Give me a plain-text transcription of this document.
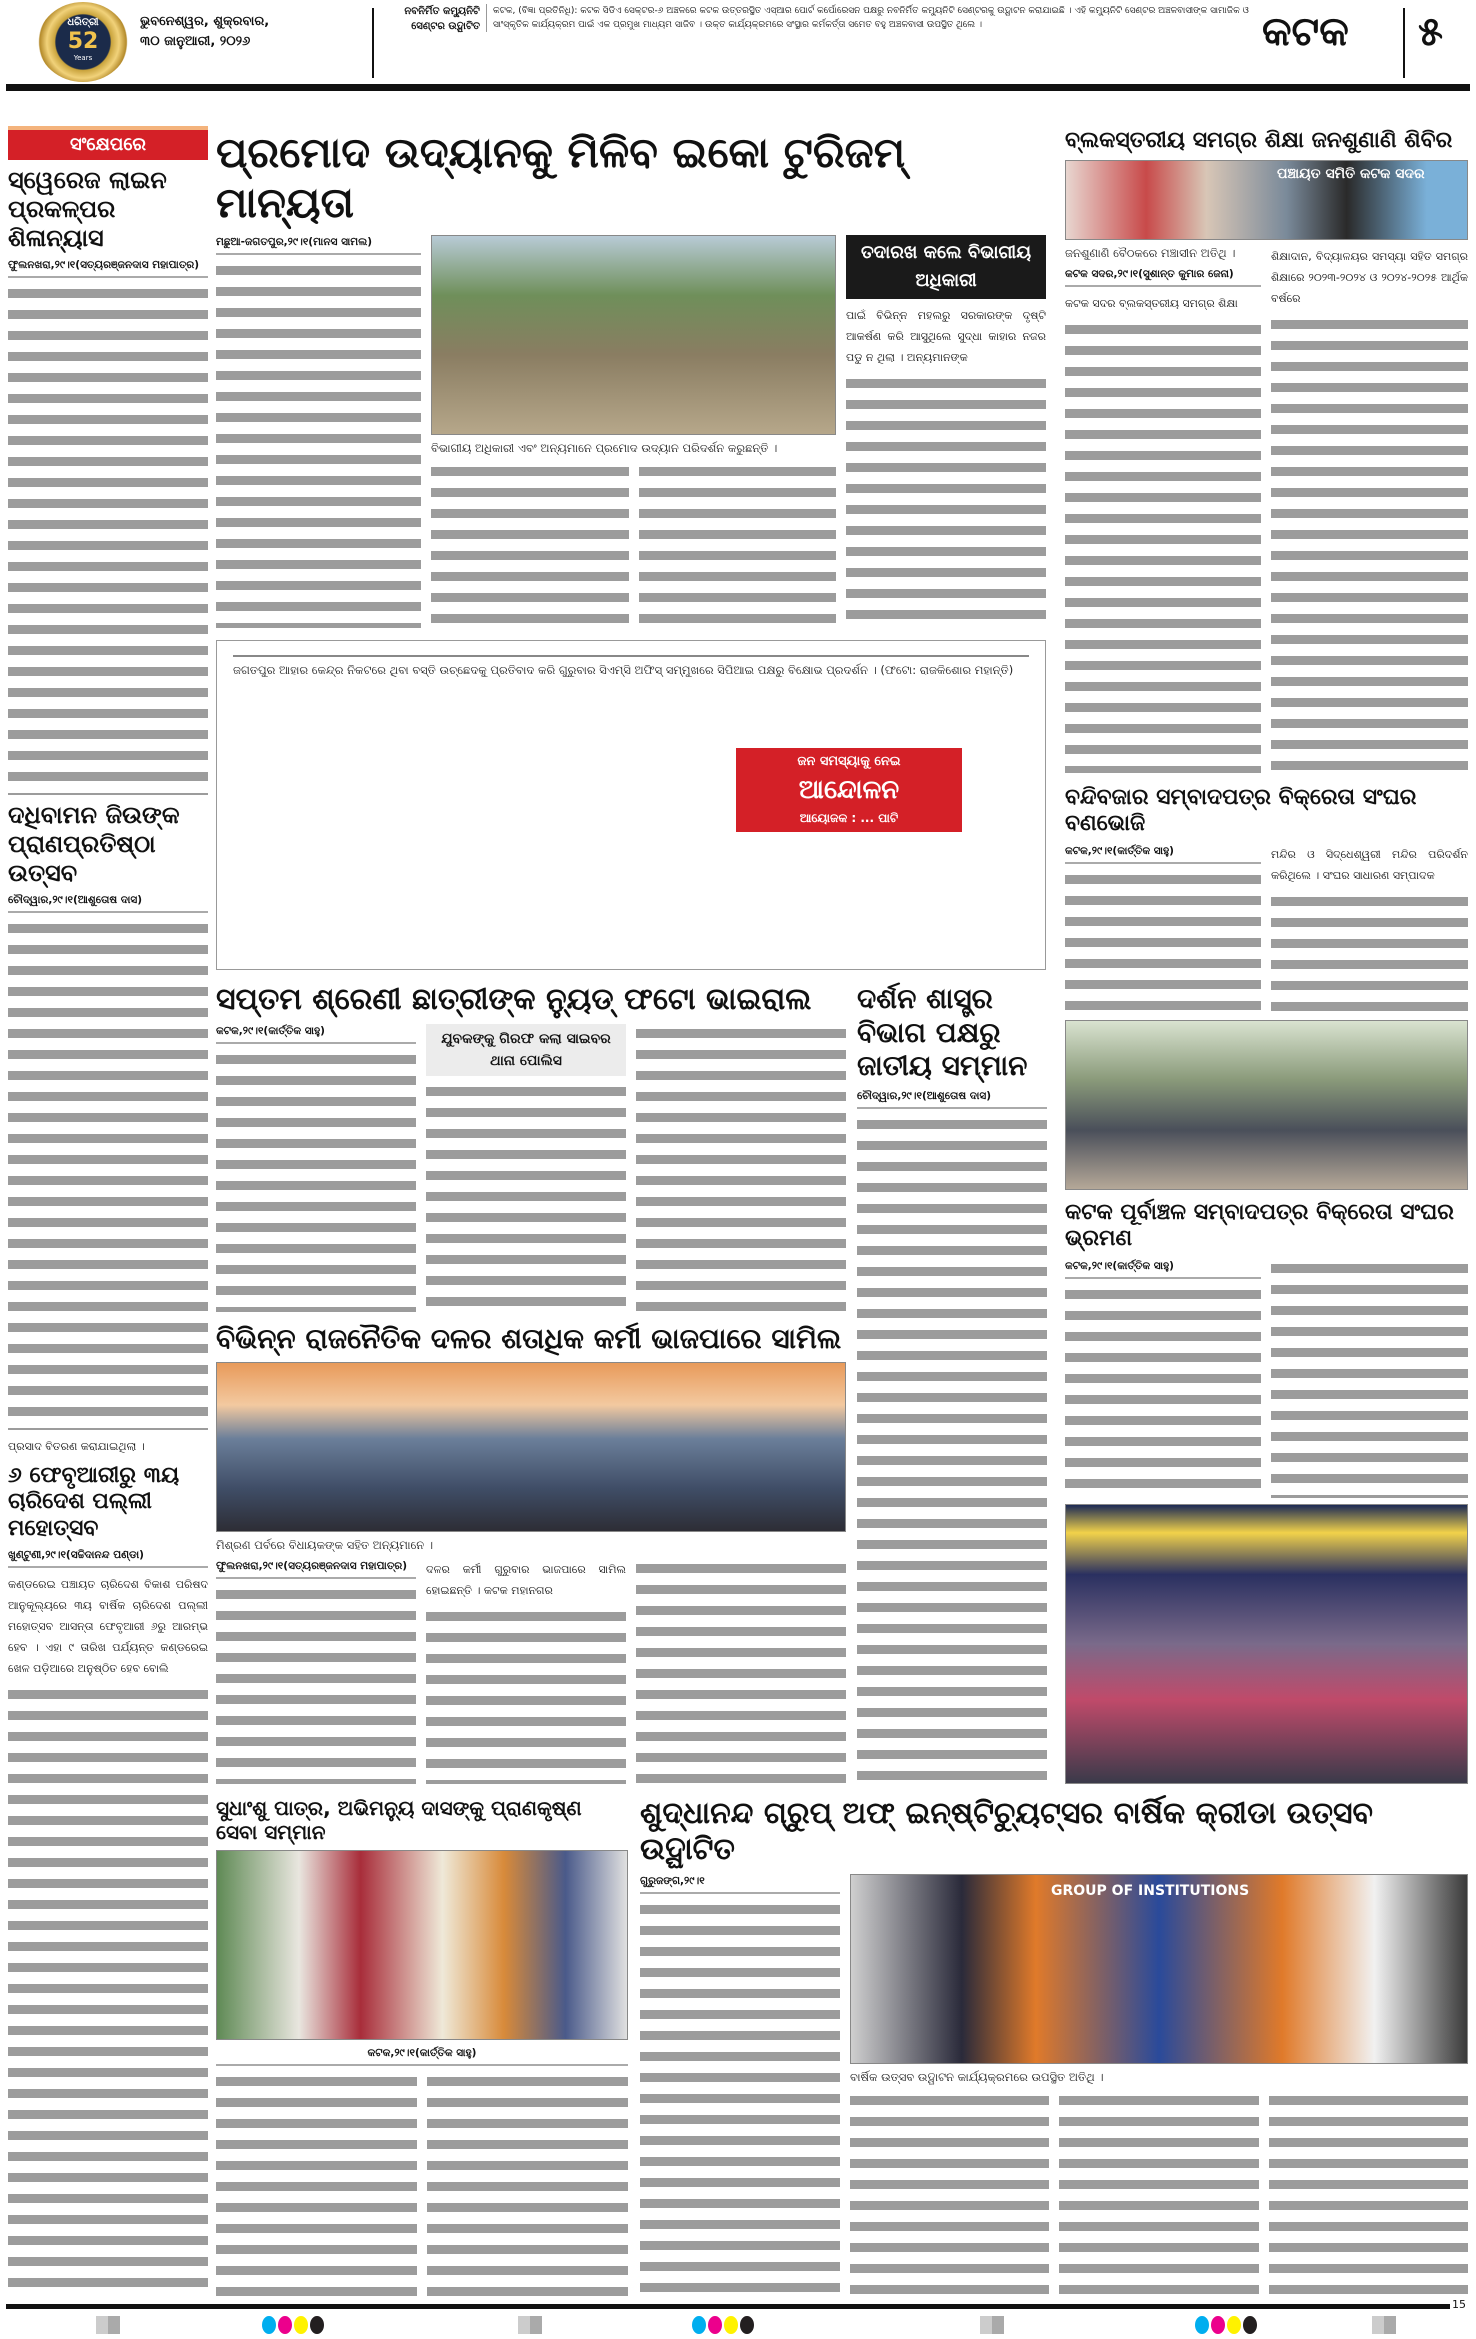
ଧରିତ୍ରୀ
52
Years
ଭୁବନେଶ୍ୱର, ଶୁକ୍ରବାର,
୩୦ ଜାନୁଆରୀ, ୨୦୨୬
ନବନିର୍ମିତ କମ୍ୟୁନିଟି ସେଣ୍ଟର ଉଦ୍ଘାଟିତ
କଟକ, (ବିଜ୍ଞା ପ୍ରତିନିଧି): କଟକ ସିଡିଏ ସେକ୍ଟର-୬ ଅଞ୍ଚଳରେ କଟକ ଉତ୍ତରସ୍ଥିତ ଏସ୍‌ଆର ପୋର୍ଟ କର୍ପୋରେସନ ପକ୍ଷରୁ ନବନିର୍ମିତ କମ୍ୟୁନିଟି ସେଣ୍ଟରକୁ ଉଦ୍ଘାଟନ କରାଯାଇଛି । ଏହି କମ୍ୟୁନିଟି ସେଣ୍ଟର ଅଞ୍ଚଳବାସୀଙ୍କ ସାମାଜିକ ଓ ସାଂସ୍କୃତିକ କାର୍ଯ୍ୟକ୍ରମ ପାଇଁ ଏକ ପ୍ରମୁଖ ମାଧ୍ୟମ ସାଜିବ । ଉକ୍ତ କାର୍ଯ୍ୟକ୍ରମରେ ସଂସ୍ଥାର କର୍ମକର୍ତ୍ତା ସମେତ ବହୁ ଅଞ୍ଚଳବାସୀ ଉପସ୍ଥିତ ଥିଲେ ।	କଟକ	୫
ସଂକ୍ଷେପରେ
ସ୍ୱେରେଜ ଲାଇନ ପ୍ରକଳ୍ପର ଶିଳାନ୍ୟାସ
ଫୁଲନଖରା,୨୯।୧(ସତ୍ୟରଞ୍ଜନଦାସ ମହାପାତ୍ର)
ଦଧିବାମନ ଜିଉଙ୍କ ପ୍ରାଣପ୍ରତିଷ୍ଠା ଉତ୍ସବ
ଚୌଦ୍ୱାର,୨୯।୧(ଆଶୁତୋଷ ଦାସ)
ପ୍ରସାଦ ବିତରଣ କରାଯାଇଥିଲା ।
୬ ଫେବୃଆରୀରୁ ୩ୟ ଚାରିଦେଶ ପଲ୍ଲୀ ମହୋତ୍ସବ
ଖୁଣ୍ଟୁଣୀ,୨୯।୧(ସଚ୍ଚିଦାନନ୍ଦ ପଣ୍ଡା)
କଣ୍ଡରେଇ ପଞ୍ଚାୟତ ଚାରିଦେଶ ବିକାଶ ପରିଷଦ ଆନୁକୂଲ୍ୟରେ ୩ୟ ବାର୍ଷିକ ଚାରିଦେଶ ପଲ୍ଲୀ ମହୋତ୍ସବ ଆସନ୍ତା ଫେବୃଆରୀ ୬ରୁ ଆରମ୍ଭ ହେବ । ଏହା ୯ ତାରିଖ ପର୍ଯ୍ୟନ୍ତ କଣ୍ଡରେଇ ଖେଳ ପଡ଼ିଆରେ ଅନୁଷ୍ଠିତ ହେବ ବୋଲି
ପ୍ରମୋଦ ଉଦ୍ୟାନକୁ ମିଳିବ ଇକୋ ଟୁରିଜମ୍ ମାନ୍ୟତା
ମଛୁଆ-ଜଗତପୁର,୨୯।୧(ମାନସ ସାମଲ)
ବିଭାଗୀୟ ଅଧିକାରୀ ଏବଂ ଅନ୍ୟମାନେ ପ୍ରମୋଦ ଉଦ୍ୟାନ ପରିଦର୍ଶନ କରୁଛନ୍ତି ।
ତଦାରଖ କଲେ ବିଭାଗୀୟ ଅଧିକାରୀ
ପାଇଁ ବିଭିନ୍ନ ମହଲରୁ ସରକାରଙ୍କ ଦୃଷ୍ଟି ଆକର୍ଷଣ କରି ଆସୁଥିଲେ ସୁଦ୍ଧା କାହାର ନଜର ପଡୁ ନ ଥିଲା । ଅନ୍ୟମାନଙ୍କ
ଜନ ସମସ୍ୟାକୁ ନେଇ
ଆନ୍ଦୋଳନ
ଆୟୋଜକ : ... ପାଟି
ଜଗତପୁର ଆହାର କେନ୍ଦ୍ର ନିକଟରେ ଥିବା ବସ୍ତି ଉଚ୍ଛେଦକୁ ପ୍ରତିବାଦ କରି ଗୁରୁବାର ସିଏମ୍‌ସି ଅଫିସ୍ ସମ୍ମୁଖରେ ସିପିଆଇ ପକ୍ଷରୁ ବିକ୍ଷୋଭ ପ୍ରଦର୍ଶନ । (ଫଟୋ: ରାଜକିଶୋର ମହାନ୍ତି)
ସପ୍ତମ ଶ୍ରେଣୀ ଛାତ୍ରୀଙ୍କ ନ୍ୟୁଡ୍ ଫଟୋ ଭାଇରାଲ
କଟକ,୨୯।୧(କାର୍ତ୍ତିକ ସାହୁ)	ଯୁବକଙ୍କୁ ଗିରଫ କଲା ସାଇବର ଥାନା ପୋଲିସ
ଦର୍ଶନ ଶାସ୍ତ୍ର ବିଭାଗ ପକ୍ଷରୁ ଜାତୀୟ ସମ୍ମାନ
ଚୌଦ୍ୱାର,୨୯।୧(ଆଶୁତୋଷ ଦାସ)
ବିଭିନ୍ନ ରାଜନୈତିକ ଦଳର ଶତାଧିକ କର୍ମୀ ଭାଜପାରେ ସାମିଲ
ମିଶ୍ରଣ ପର୍ବରେ ବିଧାୟକଙ୍କ ସହିତ ଅନ୍ୟମାନେ ।
ଫୁଲନଖରା,୨୯।୧(ସତ୍ୟରଞ୍ଜନଦାସ ମହାପାତ୍ର)	ଦଳର କର୍ମୀ ଗୁରୁବାର ଭାଜପାରେ ସାମିଲ ହୋଇଛନ୍ତି । କଟକ ମହାନଗର
ବ୍ଲକସ୍ତରୀୟ ସମଗ୍ର ଶିକ୍ଷା ଜନଶୁଣାଣି ଶିବିର
ପଞ୍ଚାୟତ ସମିତି କଟକ ସଦର
ଜନଶୁଣାଣି ବୈଠକରେ ମଞ୍ଚାସୀନ ଅତିଥି ।
କଟକ ସଦର,୨୯।୧(ସୁଶାନ୍ତ କୁମାର ଜେନା)
କଟକ ସଦର ବ୍ଲକସ୍ତରୀୟ ସମଗ୍ର ଶିକ୍ଷା
ଶିକ୍ଷାଦାନ, ବିଦ୍ୟାଳୟର ସମସ୍ୟା ସହିତ ସମଗ୍ର ଶିକ୍ଷାରେ ୨୦୨୩-୨୦୨୪ ଓ ୨୦୨୪-୨୦୨୫ ଆର୍ଥିକ ବର୍ଷରେ
ବନ୍ଦିବଜାର ସମ୍ବାଦପତ୍ର ବିକ୍ରେତା ସଂଘର ବଣଭୋଜି
କଟକ,୨୯।୧(କାର୍ତ୍ତିକ ସାହୁ)	ମନ୍ଦିର ଓ ସିଦ୍ଧେଶ୍ୱରୀ ମନ୍ଦିର ପରିଦର୍ଶନ କରିଥିଲେ । ସଂଘର ସାଧାରଣ ସମ୍ପାଦକ
କଟକ ପୂର୍ବାଞ୍ଚଳ ସମ୍ବାଦପତ୍ର ବିକ୍ରେତା ସଂଘର ଭ୍ରମଣ
କଟକ,୨୯।୧(କାର୍ତ୍ତିକ ସାହୁ)
ସୁଧାଂଶୁ ପାତ୍ର, ଅଭିମନ୍ୟୁ ଦାସଙ୍କୁ ପ୍ରାଣକୃଷ୍ଣ ସେବା ସମ୍ମାନ
କଟକ,୨୯।୧(କାର୍ତ୍ତିକ ସାହୁ)
ଶୁଦ୍ଧାନନ୍ଦ ଗ୍ରୁପ୍ ଅଫ୍ ଇନ୍‌ଷ୍ଟିଚ୍ୟୁଟ୍‌ସର ବାର୍ଷିକ କ୍ରୀଡା ଉତ୍ସବ ଉଦ୍ଘାଟିତ
ଗୁରୁଜଙ୍ଗ,୨୯।୧
GROUP OF INSTITUTIONS
ବାର୍ଷିକ ଉତ୍ସବ ଉଦ୍ଘାଟନ କାର୍ଯ୍ୟକ୍ରମରେ ଉପସ୍ଥିତ ଅତିଥି ।
15
